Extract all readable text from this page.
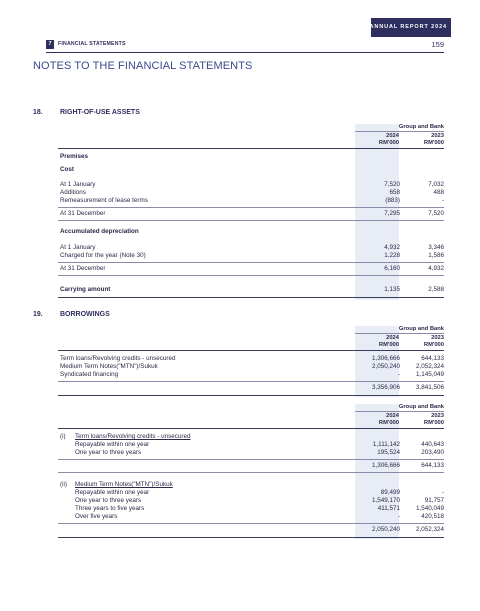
ANNUAL REPORT 2024
7	FINANCIAL STATEMENTS	159
NOTES TO THE FINANCIAL STATEMENTS
18. RIGHT-OF-USE ASSETS
Group and Bank
2024	2023
RM'000	RM'000
Premises
Cost
At 1 January	7,520	7,032
Additions	658	488
Remeasurement of lease terms	(883)	-
At 31 December	7,295	7,520
Accumulated depreciation
At 1 January	4,932	3,346
Charged for the year (Note 30)	1,228	1,586
At 31 December	6,160	4,932
Carrying amount	1,135	2,588
19. BORROWINGS
Group and Bank
2024	2023
RM'000	RM'000
Term loans/Revolving credits - unsecured	1,306,666	644,133
Medium Term Notes("MTN")/Sukuk	2,050,240	2,052,324
Syndicated financing	-	1,145,049
3,356,906	3,841,506
Group and Bank
2024	2023
RM'000	RM'000
(i) Term loans/Revolving credits - unsecured
Repayable within one year	1,111,142	440,643
One year to three years	195,524	203,490
1,306,666	644,133
(ii) Medium Term Notes("MTN")/Sukuk
Repayable within one year	89,499	-
One year to three years	1,549,170	91,757
Three years to five years	411,571	1,540,049
Over five years	-	420,518
2,050,240	2,052,324
